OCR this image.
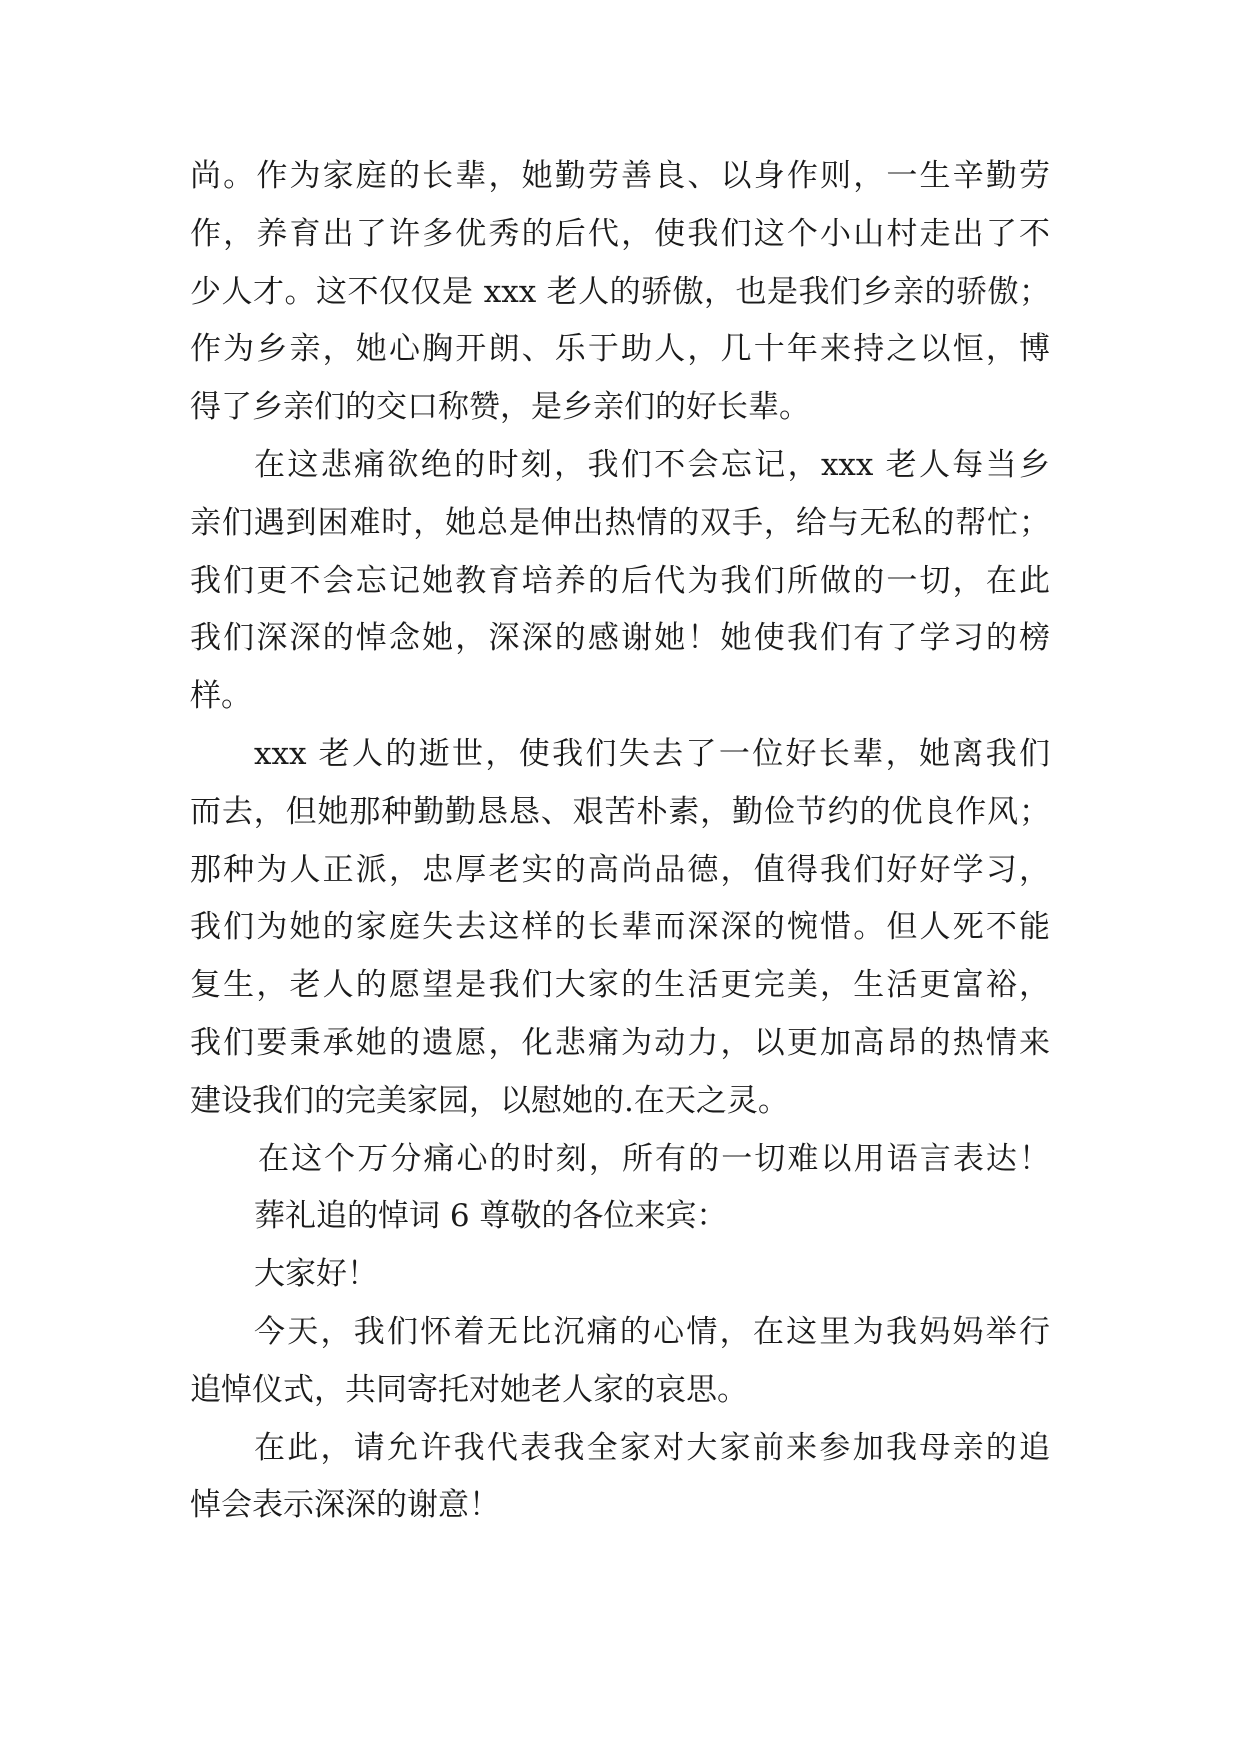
尚。作为家庭的长辈，她勤劳善良、以身作则，一生辛勤劳
作，养育出了许多优秀的后代，使我们这个小山村走出了不
少人才。这不仅仅是 xxx 老人的骄傲，也是我们乡亲的骄傲；
作为乡亲，她心胸开朗、乐于助人，几十年来持之以恒，博
得了乡亲们的交口称赞，是乡亲们的好长辈。
在这悲痛欲绝的时刻，我们不会忘记，xxx 老人每当乡
亲们遇到困难时，她总是伸出热情的双手，给与无私的帮忙；
我们更不会忘记她教育培养的后代为我们所做的一切，在此
我们深深的悼念她，深深的感谢她！她使我们有了学习的榜
样。
xxx 老人的逝世，使我们失去了一位好长辈，她离我们
而去，但她那种勤勤恳恳、艰苦朴素，勤俭节约的优良作风；
那种为人正派，忠厚老实的高尚品德，值得我们好好学习，
我们为她的家庭失去这样的长辈而深深的惋惜。但人死不能
复生，老人的愿望是我们大家的生活更完美，生活更富裕，
我们要秉承她的遗愿，化悲痛为动力，以更加高昂的热情来
建设我们的完美家园，以慰她的.在天之灵。
在这个万分痛心的时刻，所有的一切难以用语言表达！
葬礼追的悼词 6 尊敬的各位来宾：
大家好！
今天，我们怀着无比沉痛的心情，在这里为我妈妈举行
追悼仪式，共同寄托对她老人家的哀思。
在此，请允许我代表我全家对大家前来参加我母亲的追
悼会表示深深的谢意！
